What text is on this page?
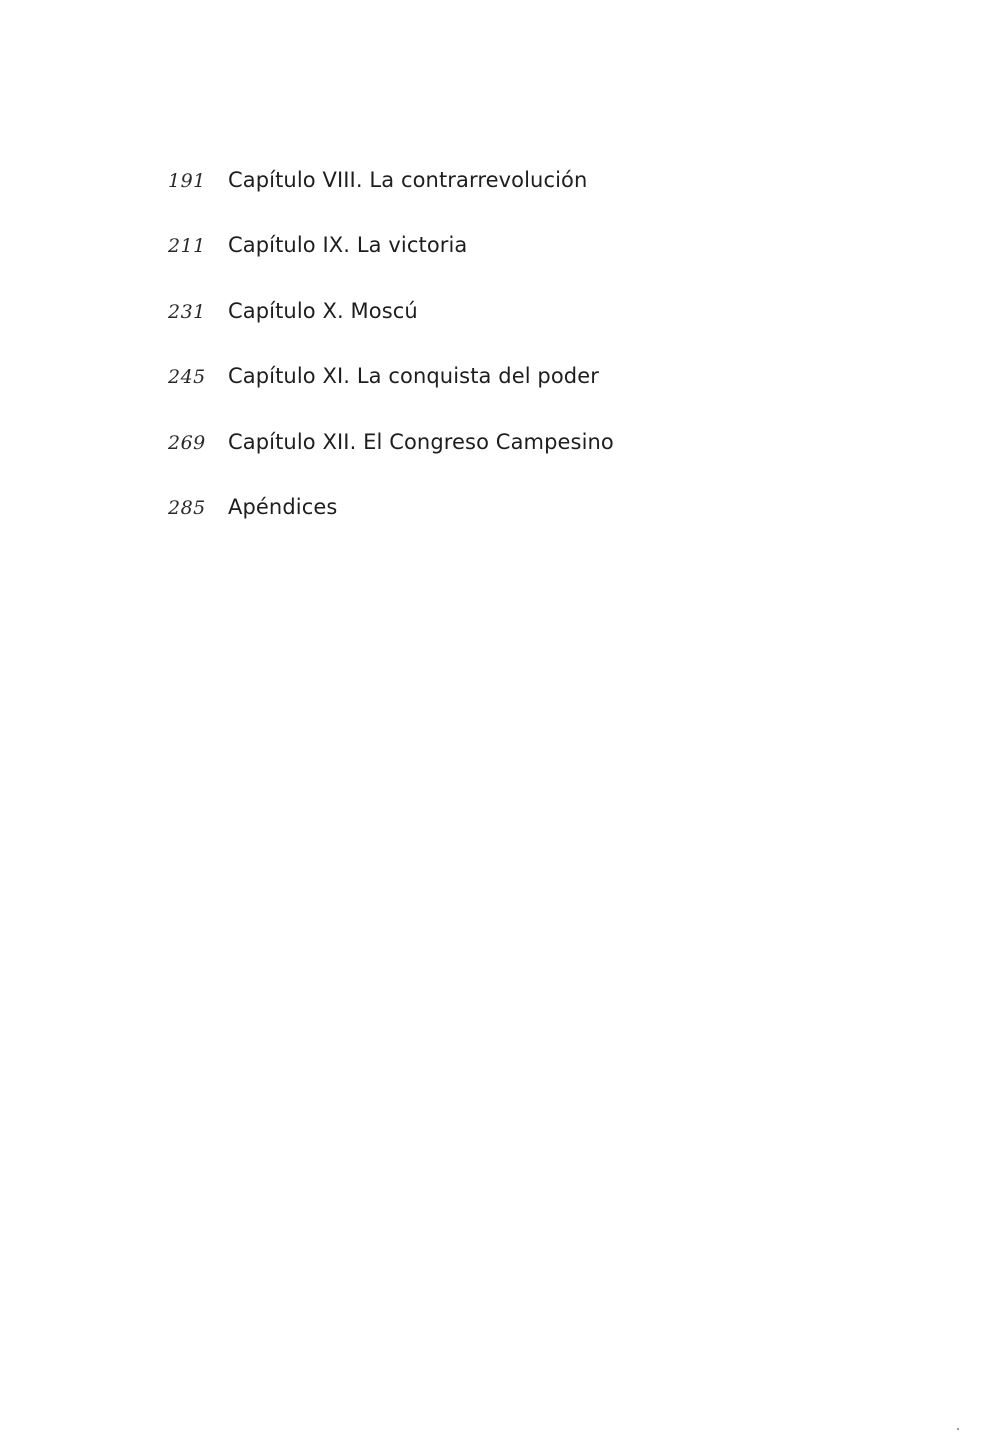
191	Capítulo VIII. La contrarrevolución
211	Capítulo IX. La victoria
231	Capítulo X. Moscú
245	Capítulo XI. La conquista del poder
269	Capítulo XII. El Congreso Campesino
285	Apéndices
